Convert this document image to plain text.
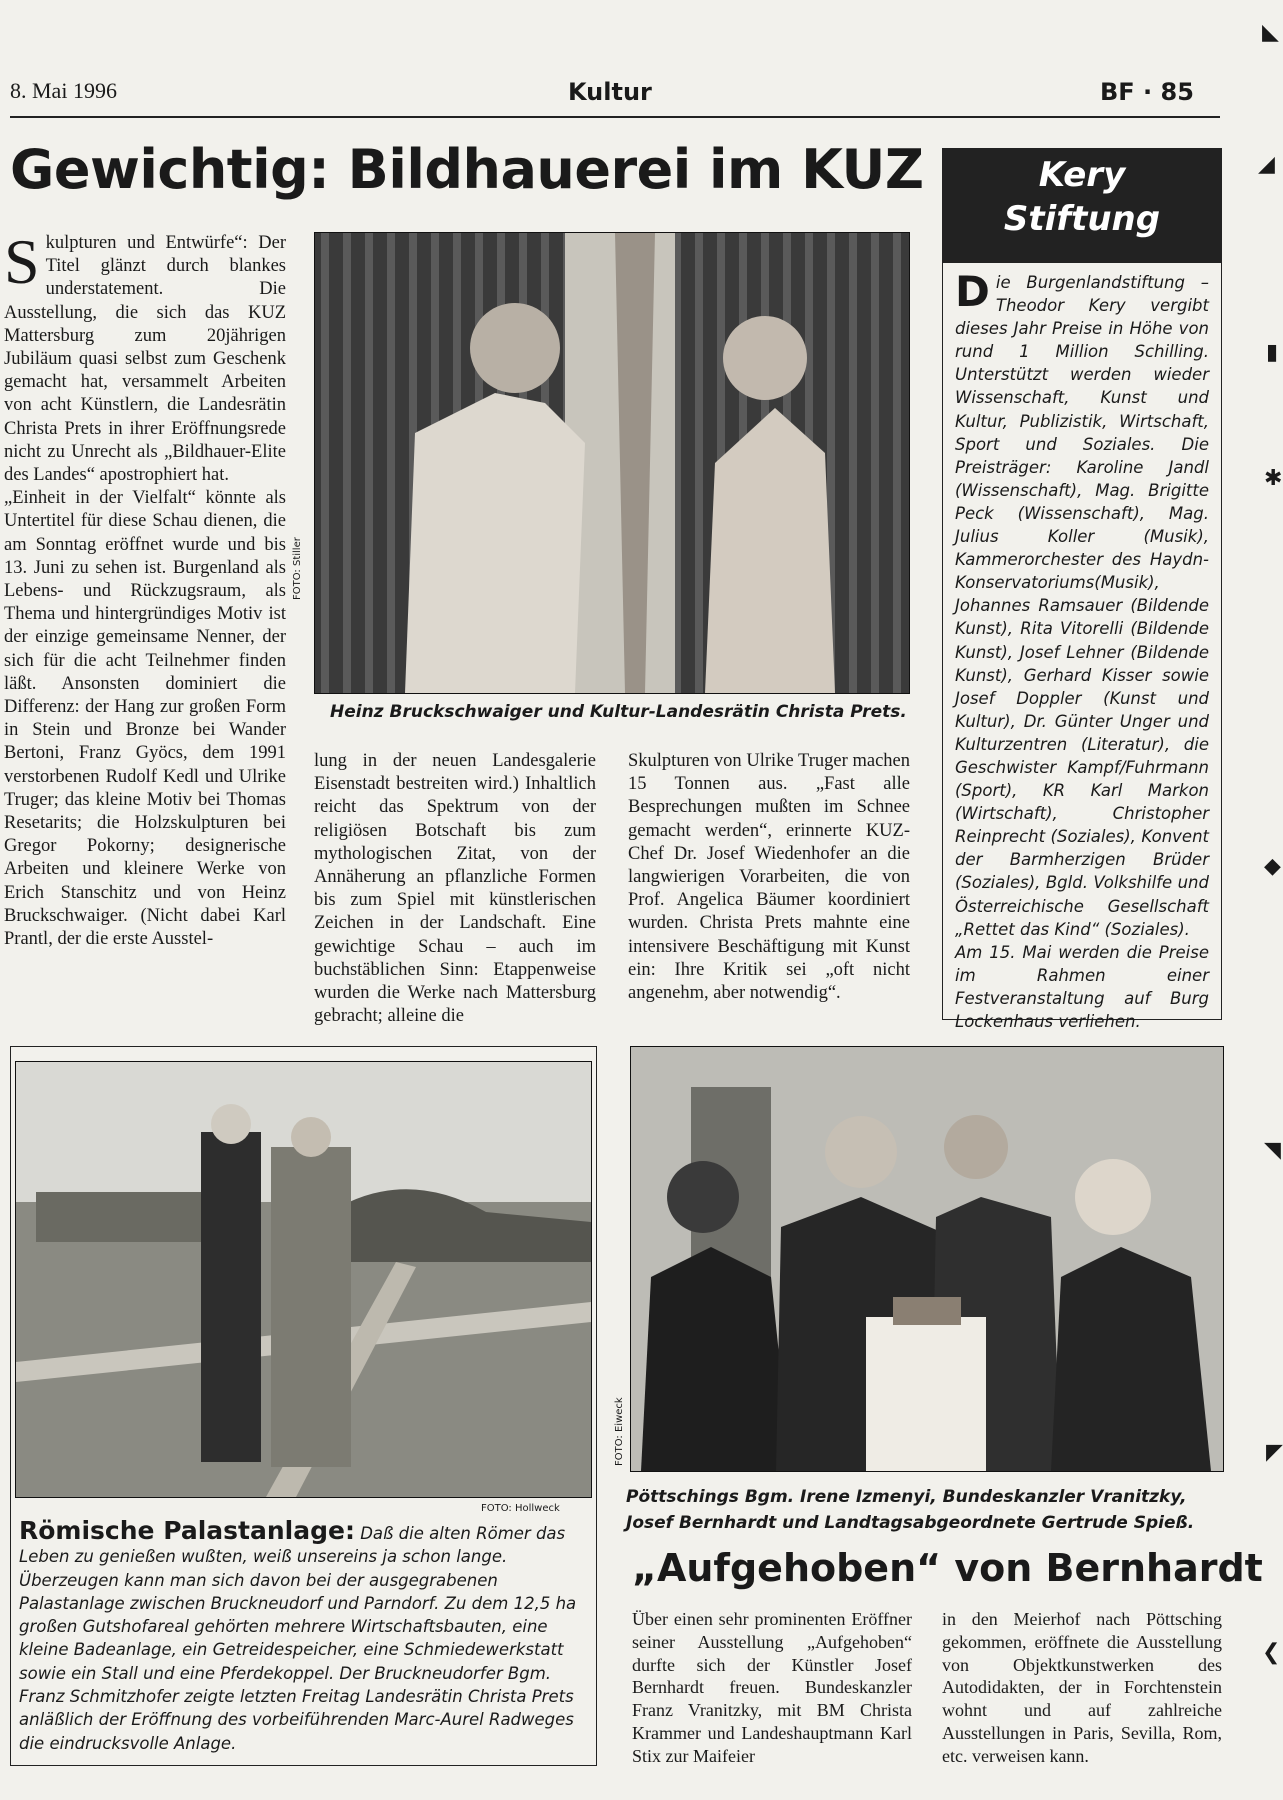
8. Mai 1996	Kultur	BF · 85
Gewichtig: Bildhauerei im KUZ

Skulpturen und Entwürfe“: Der Titel glänzt durch blankes understatement. Die Ausstellung, die sich das KUZ Mattersburg zum 20jährigen Jubiläum quasi selbst zum Geschenk gemacht hat, versammelt Arbeiten von acht Künstlern, die Landesrätin Christa Prets in ihrer Eröffnungsrede nicht zu Unrecht als „Bildhauer-Elite des Landes“ apostrophiert hat.

„Einheit in der Vielfalt“ könnte als Untertitel für diese Schau dienen, die am Sonntag eröffnet wurde und bis 13. Juni zu sehen ist. Burgenland als Lebens- und Rückzugsraum, als Thema und hintergründiges Motiv ist der einzige gemeinsame Nenner, der sich für die acht Teilnehmer finden läßt. Ansonsten dominiert die Differenz: der Hang zur großen Form in Stein und Bronze bei Wander Bertoni, Franz Gyöcs, dem 1991 verstorbenen Rudolf Kedl und Ulrike Truger; das kleine Motiv bei Thomas Resetarits; die Holzskulpturen bei Gregor Pokorny; designerische Arbeiten und kleinere Werke von Erich Stanschitz und von Heinz Bruckschwaiger. (Nicht dabei Karl Prantl, der die erste Ausstel-

FOTO: Stiller
Heinz Bruckschwaiger und Kultur-Landesrätin Christa Prets.
lung in der neuen Landesgalerie Eisenstadt bestreiten wird.) Inhaltlich reicht das Spektrum von der religiösen Botschaft bis zum mythologischen Zitat, von der Annäherung an pflanzliche Formen bis zum Spiel mit künstlerischen Zeichen in der Landschaft. Eine gewichtige Schau – auch im buchstäblichen Sinn: Etappenweise wurden die Werke nach Mattersburg gebracht; alleine die
Skulpturen von Ulrike Truger machen 15 Tonnen aus. „Fast alle Besprechungen mußten im Schnee gemacht werden“, erinnerte KUZ-Chef Dr. Josef Wiedenhofer an die langwierigen Vorarbeiten, die von Prof. Angelica Bäumer koordiniert wurden. Christa Prets mahnte eine intensivere Beschäftigung mit Kunst ein: Ihre Kritik sei „oft nicht angenehm, aber notwendig“.
Kery
Stiftung

Die Burgenlandstiftung – Theodor Kery vergibt dieses Jahr Preise in Höhe von rund 1 Million Schilling. Unterstützt werden wieder Wissenschaft, Kunst und Kultur, Publizistik, Wirtschaft, Sport und Soziales. Die Preisträger: Karoline Jandl (Wissenschaft), Mag. Brigitte Peck (Wissenschaft), Mag. Julius Koller (Musik), Kammerorchester des Haydn-Konservatoriums(Musik), Johannes Ramsauer (Bildende Kunst), Rita Vitorelli (Bildende Kunst), Josef Lehner (Bildende Kunst), Gerhard Kisser sowie Josef Doppler (Kunst und Kultur), Dr. Günter Unger und Kulturzentren (Literatur), die Geschwister Kampf/Fuhrmann (Sport), KR Karl Markon (Wirtschaft), Christopher Reinprecht (Soziales), Konvent der Barmherzigen Brüder (Soziales), Bgld. Volkshilfe und Österreichische Gesellschaft „Rettet das Kind“ (Soziales).

Am 15. Mai werden die Preise im Rahmen einer Festveranstaltung auf Burg Lockenhaus verliehen.

FOTO: Hollweck
Römische Palastanlage: Daß die alten Römer das Leben zu genießen wußten, weiß unsereins ja schon lange. Überzeugen kann man sich davon bei der ausgegrabenen Palastanlage zwischen Bruckneudorf und Parndorf. Zu dem 12,5 ha großen Gutshofareal gehörten mehrere Wirtschaftsbauten, eine kleine Badeanlage, ein Getreidespeicher, eine Schmiedewerkstatt sowie ein Stall und eine Pferdekoppel. Der Bruckneudorfer Bgm. Franz Schmitzhofer zeigte letzten Freitag Landesrätin Christa Prets anläßlich der Eröffnung des vorbeiführenden Marc-Aurel Radweges die eindrucksvolle Anlage.
FOTO: Eiweck
Pöttschings Bgm. Irene Izmenyi, Bundeskanzler Vranitzky, Josef Bernhardt und Landtagsabgeordnete Gertrude Spieß.
„Aufgehoben“ von Bernhardt
Über einen sehr prominenten Eröffner seiner Ausstellung „Aufgehoben“ durfte sich der Künstler Josef Bernhardt freuen. Bundeskanzler Franz Vranitzky, mit BM Christa Krammer und Landeshauptmann Karl Stix zur Maifeier
in den Meierhof nach Pöttsching gekommen, eröffnete die Ausstellung von Objektkunstwerken des Autodidakten, der in Forchtenstein wohnt und auf zahlreiche Ausstellungen in Paris, Sevilla, Rom, etc. verweisen kann.
◣
◢
▮
✱
◆
◥
◤
❮
